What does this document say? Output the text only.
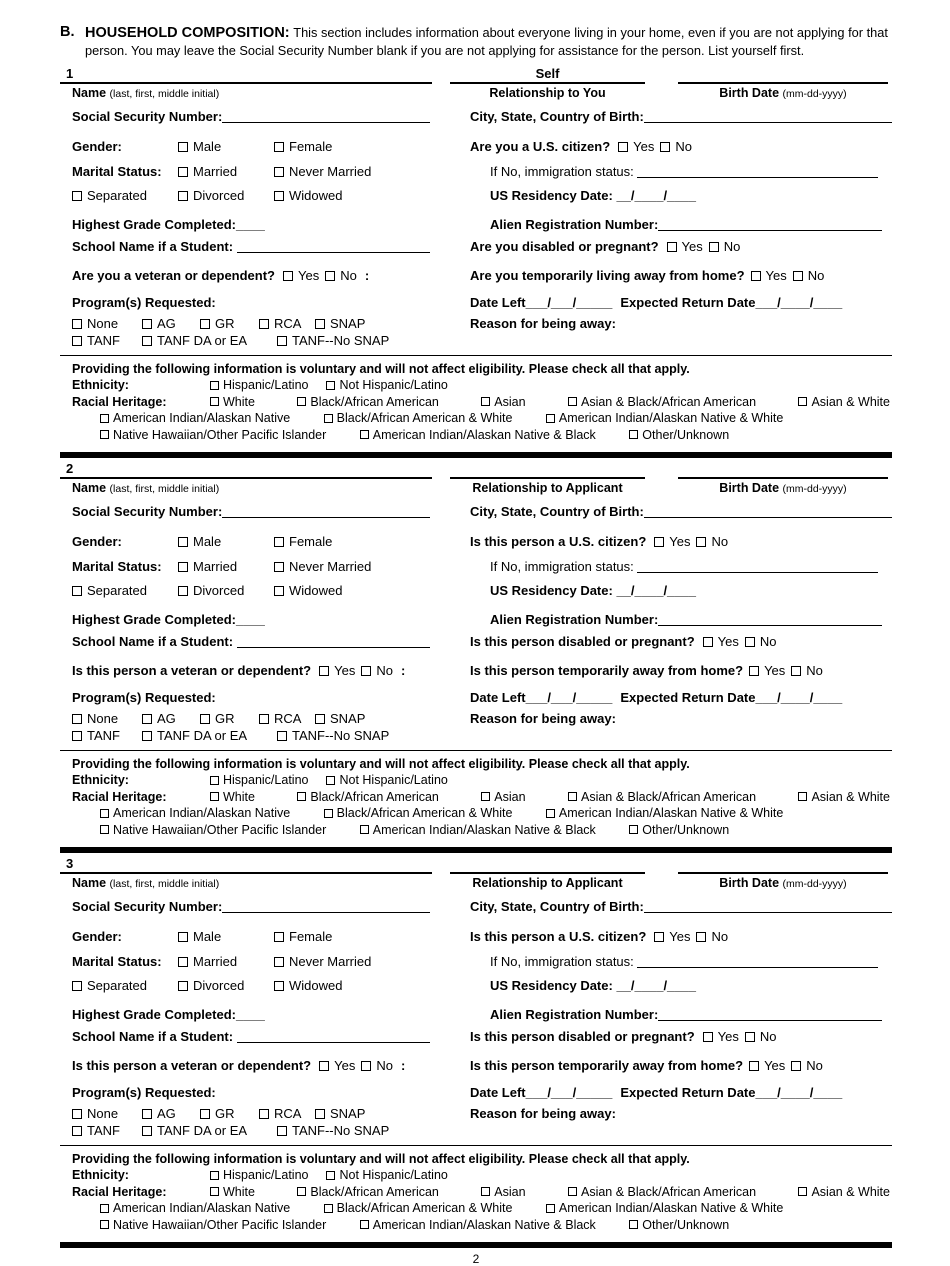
B. HOUSEHOLD COMPOSITION: This section includes information about everyone living in your home, even if you are not applying for that person. You may leave the Social Security Number blank if you are not applying for assistance for the person. List yourself first.
1
Name (last, first, middle initial)
Self
Relationship to You	Birth Date (mm-dd-yyyy)
Social Security Number:	City, State, Country of Birth:
Gender:	Male	Female	Are you a U.S. citizen?	Yes	No
Marital Status:	Married	Never Married	If No, immigration status:

Separated	Divorced	Widowed	US Residency Date:
__/____/____
Highest Grade Completed: ____	Alien Registration Number:
School Name if a Student:
	Are you disabled or pregnant?	Yes	No
Are you a veteran or dependent?	Yes	No :	Are you temporarily living away from home?	Yes	No
Program(s) Requested:	Date Left ___/___/_____ Expected Return Date ___/____/____
None	AG	GR	RCA	SNAP	Reason for being away:
TANF	TANF DA or EA	TANF--No SNAP
Providing the following information is voluntary and will not affect eligibility. Please check all that apply.
Ethnicity:	Hispanic/Latino	Not Hispanic/Latino
Racial Heritage:	White	Black/African American	Asian	Asian & Black/African American	Asian & White
American Indian/Alaskan Native	Black/African American & White	American Indian/Alaskan Native & White
Native Hawaiian/Other Pacific Islander	American Indian/Alaskan Native & Black	Other/Unknown
2
Name (last, first, middle initial)	Relationship to Applicant	Birth Date (mm-dd-yyyy)
Social Security Number:	City, State, Country of Birth:
Gender:	Male	Female	Is this person a U.S. citizen?	Yes	No
Marital Status:	Married	Never Married	If No, immigration status:

Separated	Divorced	Widowed	US Residency Date:
__/____/____
Highest Grade Completed: ____	Alien Registration Number:
School Name if a Student:
	Is this person disabled or pregnant?	Yes	No
Is this person a veteran or dependent?	Yes	No :	Is this person temporarily away from home?	Yes	No
Program(s) Requested:	Date Left ___/___/_____ Expected Return Date ___/____/____
None	AG	GR	RCA	SNAP	Reason for being away:
TANF	TANF DA or EA	TANF--No SNAP
Providing the following information is voluntary and will not affect eligibility. Please check all that apply.
Ethnicity:	Hispanic/Latino	Not Hispanic/Latino
Racial Heritage:	White	Black/African American	Asian	Asian & Black/African American	Asian & White
American Indian/Alaskan Native	Black/African American & White	American Indian/Alaskan Native & White
Native Hawaiian/Other Pacific Islander	American Indian/Alaskan Native & Black	Other/Unknown
3
Name (last, first, middle initial)	Relationship to Applicant	Birth Date (mm-dd-yyyy)
Social Security Number:	City, State, Country of Birth:
Gender:	Male	Female	Is this person a U.S. citizen?	Yes	No
Marital Status:	Married	Never Married	If No, immigration status:

Separated	Divorced	Widowed	US Residency Date:
__/____/____
Highest Grade Completed: ____	Alien Registration Number:
School Name if a Student:
	Is this person disabled or pregnant?	Yes	No
Is this person a veteran or dependent?	Yes	No :	Is this person temporarily away from home?	Yes	No
Program(s) Requested:	Date Left ___/___/_____ Expected Return Date ___/____/____
None	AG	GR	RCA	SNAP	Reason for being away:
TANF	TANF DA or EA	TANF--No SNAP
Providing the following information is voluntary and will not affect eligibility. Please check all that apply.
Ethnicity:	Hispanic/Latino	Not Hispanic/Latino
Racial Heritage:	White	Black/African American	Asian	Asian & Black/African American	Asian & White
American Indian/Alaskan Native	Black/African American & White	American Indian/Alaskan Native & White
Native Hawaiian/Other Pacific Islander	American Indian/Alaskan Native & Black	Other/Unknown
2
